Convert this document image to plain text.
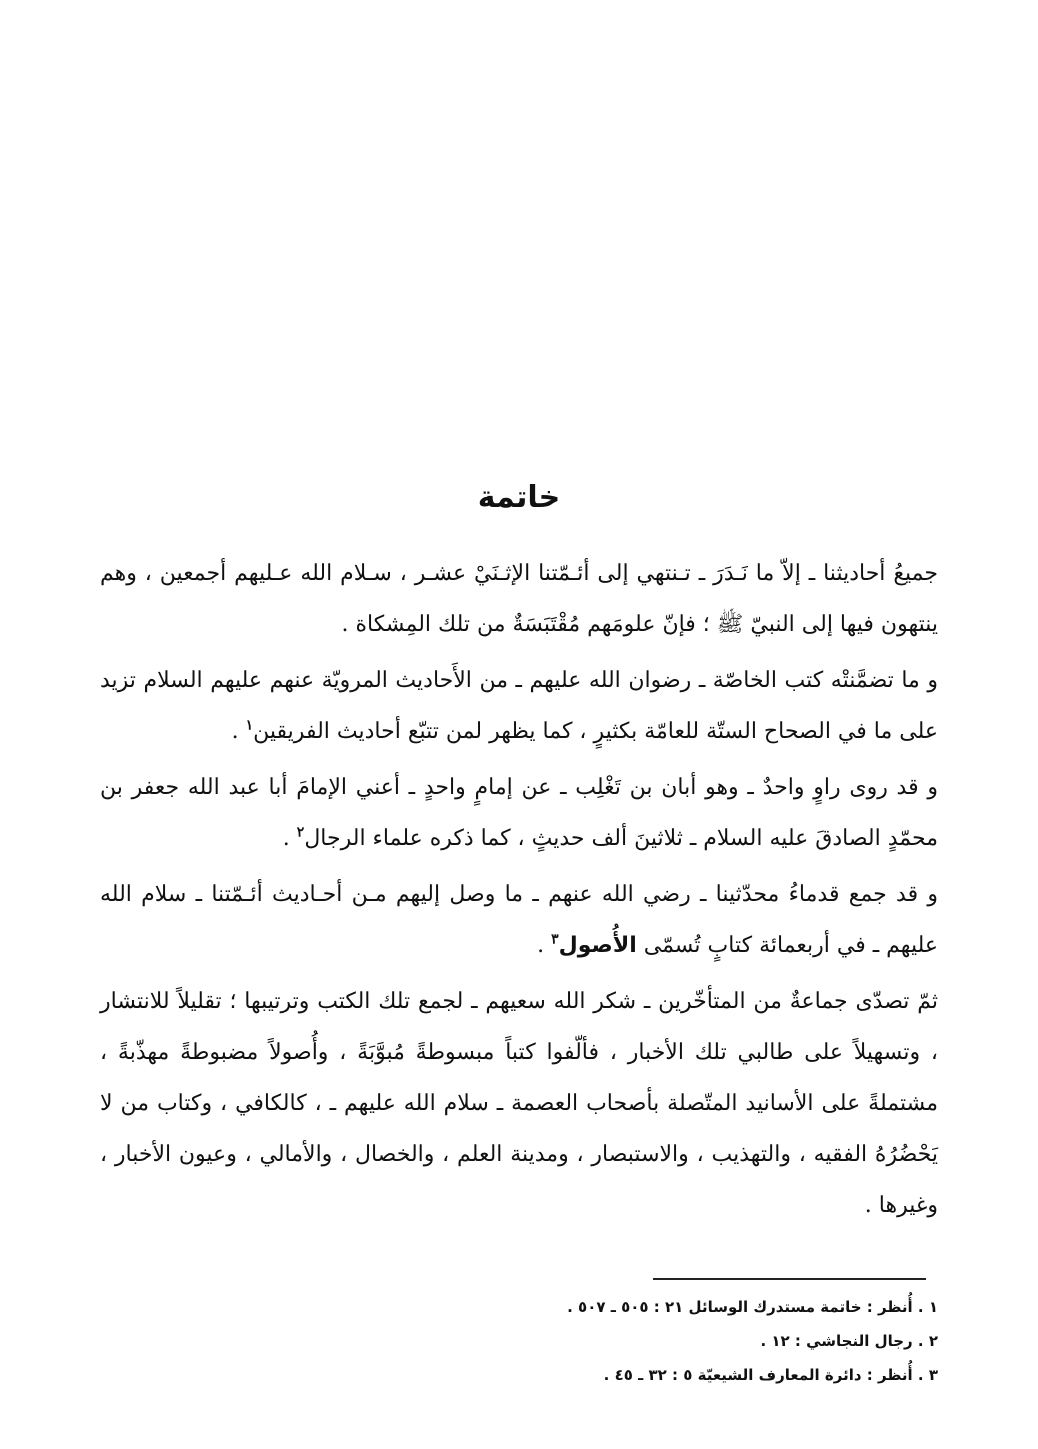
خاتمة

جميعُ أحاديثنا ـ إلاّ ما نَـدَرَ ـ تـنتهي إلى أئـمّتنا الإثـنَيْ عشـر ، سـلام الله عـليهم أجمعين ، وهم ينتهون فيها إلى النبيّ ﷺ ؛ فإنّ علومَهم مُقْتَبَسَةٌ من تلك المِشكاة .

و ما تضمَّنتْه كتب الخاصّة ـ رضوان الله عليهم ـ من الأَحاديث المرويّة عنهم عليهم السلام تزيد على ما في الصحاح الستّة للعامّة بكثيرٍ ، كما يظهر لمن تتبّع أحاديث الفريقين$^١$ .

و قد روى راوٍ واحدٌ ـ وهو أبان بن تَغْلِب ـ عن إمامٍ واحدٍ ـ أعني الإمامَ أبا عبد الله جعفر بن محمّدٍ الصادقَ عليه السلام ـ ثلاثينَ ألف حديثٍ ، كما ذكره علماء الرجال$^٢$ .

و قد جمع قدماءُ محدّثينا ـ رضي الله عنهم ـ ما وصل إليهم مـن أحـاديث أئـمّتنا ـ سلام الله عليهم ـ في أربعمائة كتابٍ تُسمّى الأُصول$^٣$ .

ثمّ تصدّى جماعةٌ من المتأخّرين ـ شكر الله سعيهم ـ لجمع تلك الكتب وترتيبها ؛ تقليلاً للانتشار ، وتسهيلاً على طالبي تلك الأخبار ، فألّفوا كتباً مبسوطةً مُبوَّبَةً ، وأُصولاً مضبوطةً مهذّبةً ، مشتملةً على الأسانيد المتّصلة بأصحاب العصمة ـ سلام الله عليهم ـ ، كالكافي ، وكتاب من لا يَحْضُرُهُ الفقيه ، والتهذيب ، والاستبصار ، ومدينة العلم ، والخصال ، والأمالي ، وعيون الأخبار ، وغيرها .

١ . أُنظر : خاتمة مستدرك الوسائل ٢١ : ٥٠٥ ـ ٥٠٧ .
٢ . رجال النجاشي : ١٢ .
٣ . أُنظر : دائرة المعارف الشيعيّة ٥ : ٣٢ ـ ٤٥ .
